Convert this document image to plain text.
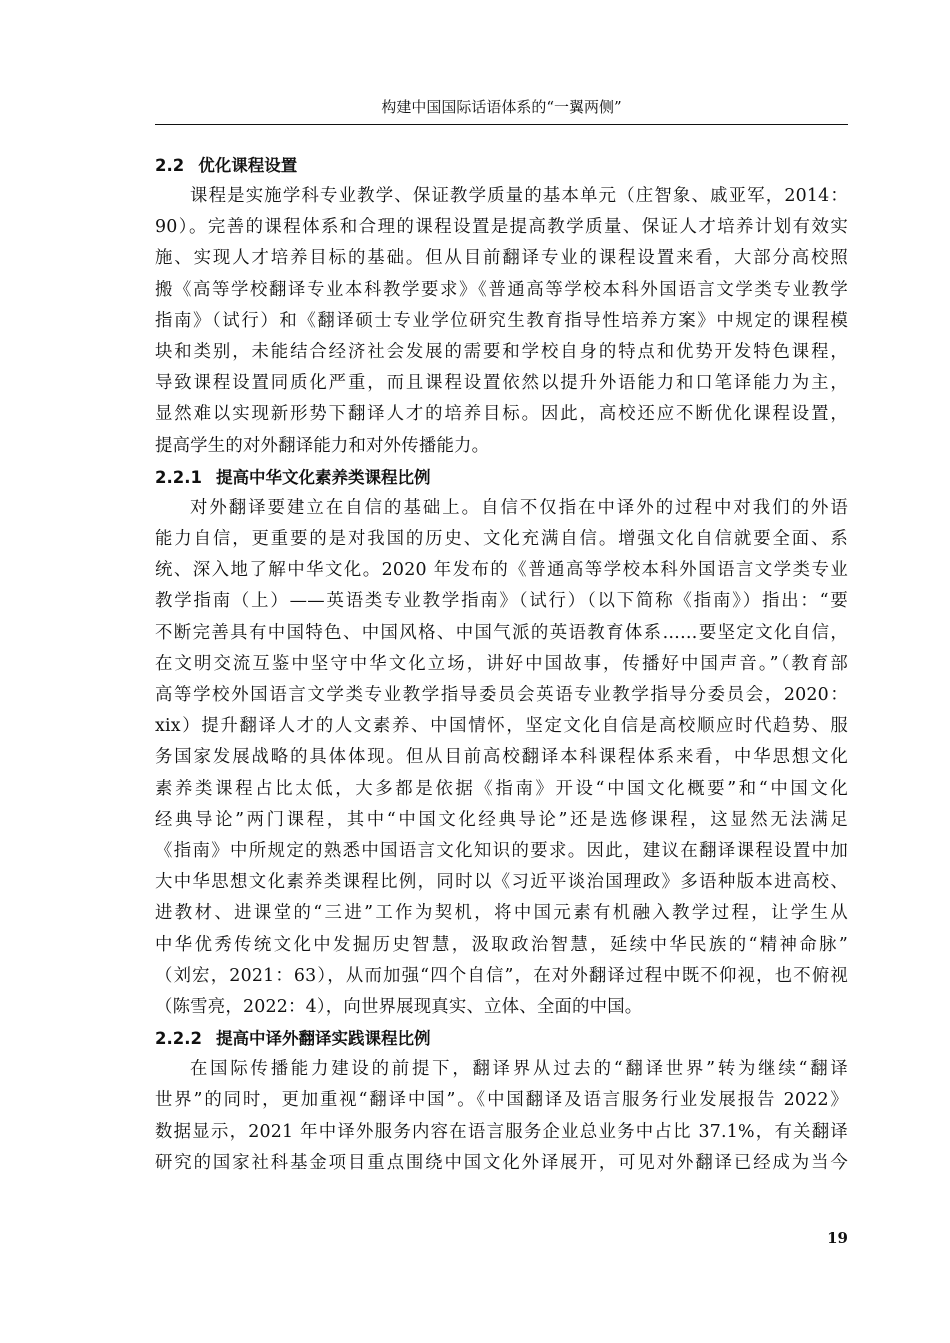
构建中国国际话语体系的“一翼两侧”
2.2 优化课程设置

课程是实施学科专业教学、保证教学质量的基本单元（庄智象、戚亚军，2014：
90）。完善的课程体系和合理的课程设置是提高教学质量、保证人才培养计划有效实
施、实现人才培养目标的基础。但从目前翻译专业的课程设置来看，大部分高校照
搬《高等学校翻译专业本科教学要求》《普通高等学校本科外国语言文学类专业教学
指南》（试行）和《翻译硕士专业学位研究生教育指导性培养方案》中规定的课程模
块和类别，未能结合经济社会发展的需要和学校自身的特点和优势开发特色课程，
导致课程设置同质化严重，而且课程设置依然以提升外语能力和口笔译能力为主，
显然难以实现新形势下翻译人才的培养目标。因此，高校还应不断优化课程设置，
提高学生的对外翻译能力和对外传播能力。

2.2.1 提高中华文化素养类课程比例

对外翻译要建立在自信的基础上。自信不仅指在中译外的过程中对我们的外语
能力自信，更重要的是对我国的历史、文化充满自信。增强文化自信就要全面、系
统、深入地了解中华文化。2020 年发布的《普通高等学校本科外国语言文学类专业
教学指南（上）——英语类专业教学指南》（试行）（以下简称《指南》）指出：“要
不断完善具有中国特色、中国风格、中国气派的英语教育体系……要坚定文化自信，
在文明交流互鉴中坚守中华文化立场，讲好中国故事，传播好中国声音。”（教育部
高等学校外国语言文学类专业教学指导委员会英语专业教学指导分委员会，2020：
xix）提升翻译人才的人文素养、中国情怀，坚定文化自信是高校顺应时代趋势、服
务国家发展战略的具体体现。但从目前高校翻译本科课程体系来看，中华思想文化
素养类课程占比太低，大多都是依据《指南》开设“中国文化概要”和“中国文化
经典导论”两门课程，其中“中国文化经典导论”还是选修课程，这显然无法满足
《指南》中所规定的熟悉中国语言文化知识的要求。因此，建议在翻译课程设置中加
大中华思想文化素养类课程比例，同时以《习近平谈治国理政》多语种版本进高校、
进教材、进课堂的“三进”工作为契机，将中国元素有机融入教学过程，让学生从
中华优秀传统文化中发掘历史智慧，汲取政治智慧，延续中华民族的“精神命脉”
（刘宏，2021：63），从而加强“四个自信”，在对外翻译过程中既不仰视，也不俯视
（陈雪亮，2022：4），向世界展现真实、立体、全面的中国。

2.2.2 提高中译外翻译实践课程比例

在国际传播能力建设的前提下，翻译界从过去的“翻译世界”转为继续“翻译
世界”的同时，更加重视“翻译中国”。《中国翻译及语言服务行业发展报告 2022》
数据显示，2021 年中译外服务内容在语言服务企业总业务中占比 37.1%，有关翻译
研究的国家社科基金项目重点围绕中国文化外译展开，可见对外翻译已经成为当今

19
